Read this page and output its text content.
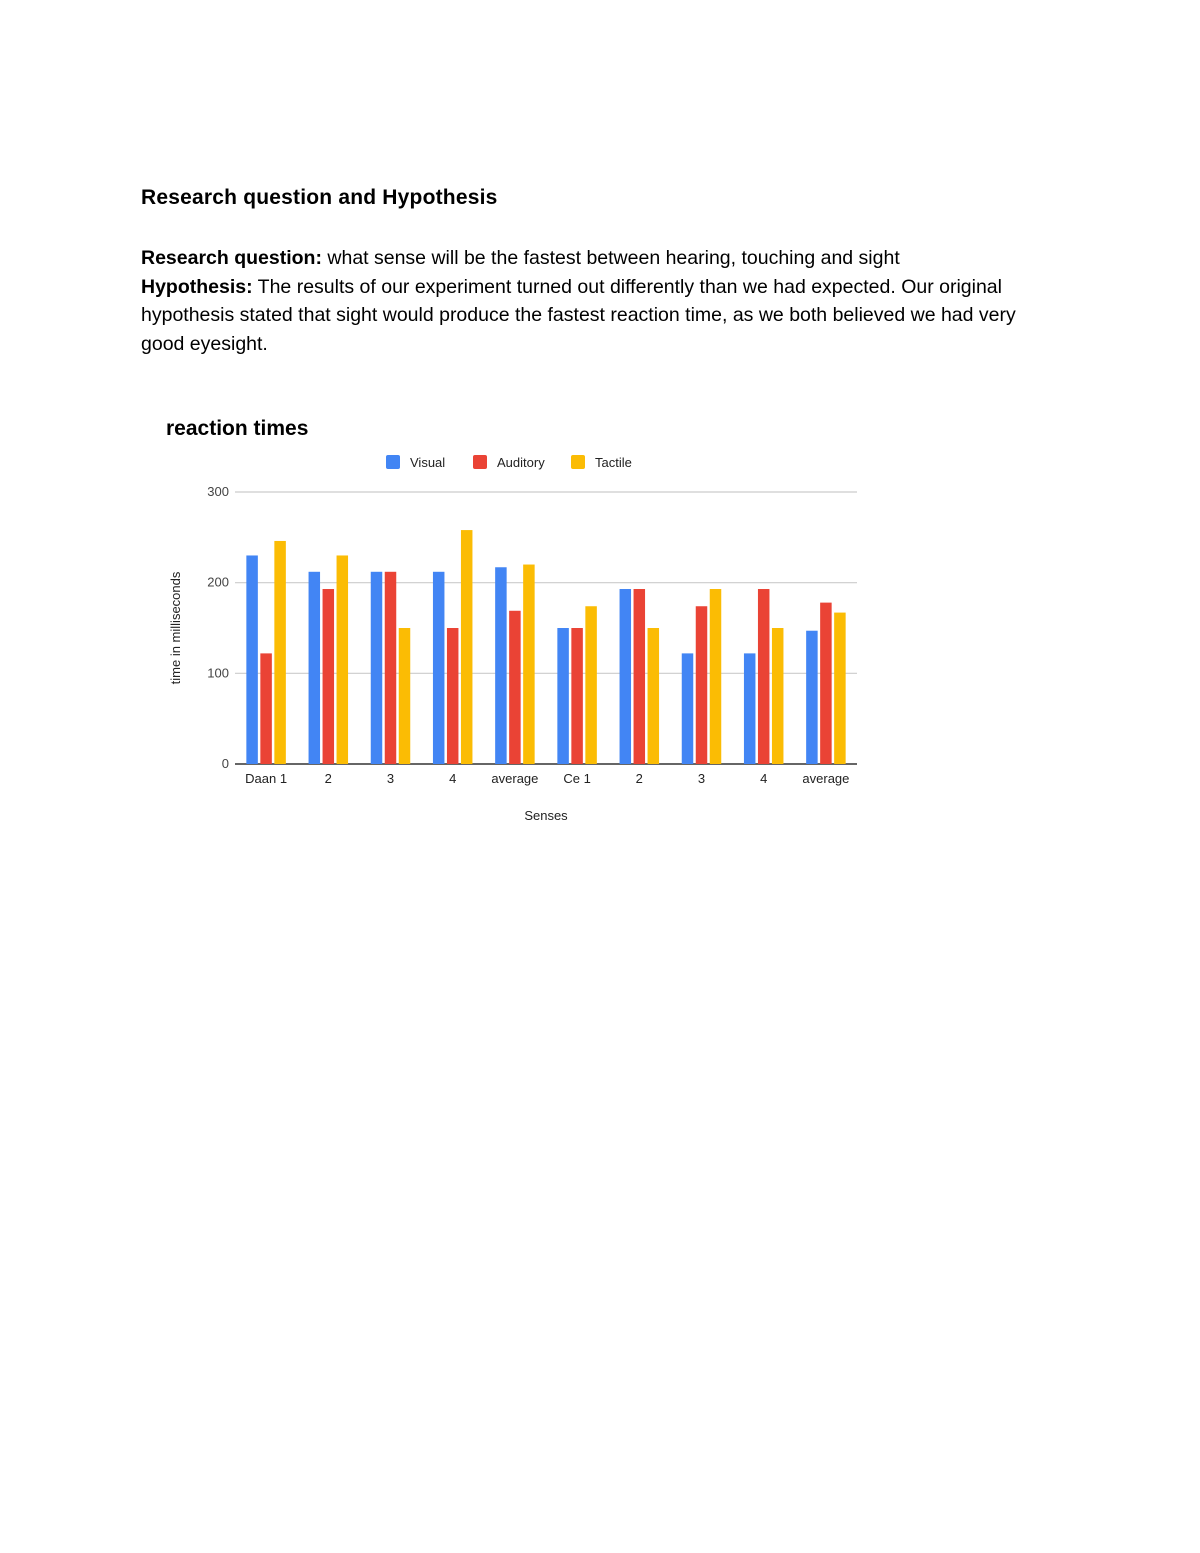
Research question and Hypothesis

Research question: what sense will be the fastest between hearing, touching and sight

Hypothesis: The results of our experiment turned out differently than we had expected. Our original hypothesis stated that sight would produce the fastest reaction time, as we both believed we had very good eyesight.

reaction times
Visual	Auditory	Tactile
0
100
200
300
time in milliseconds
Daan 1	2	3	4	average Ce 1	2	3	4	average
Senses
